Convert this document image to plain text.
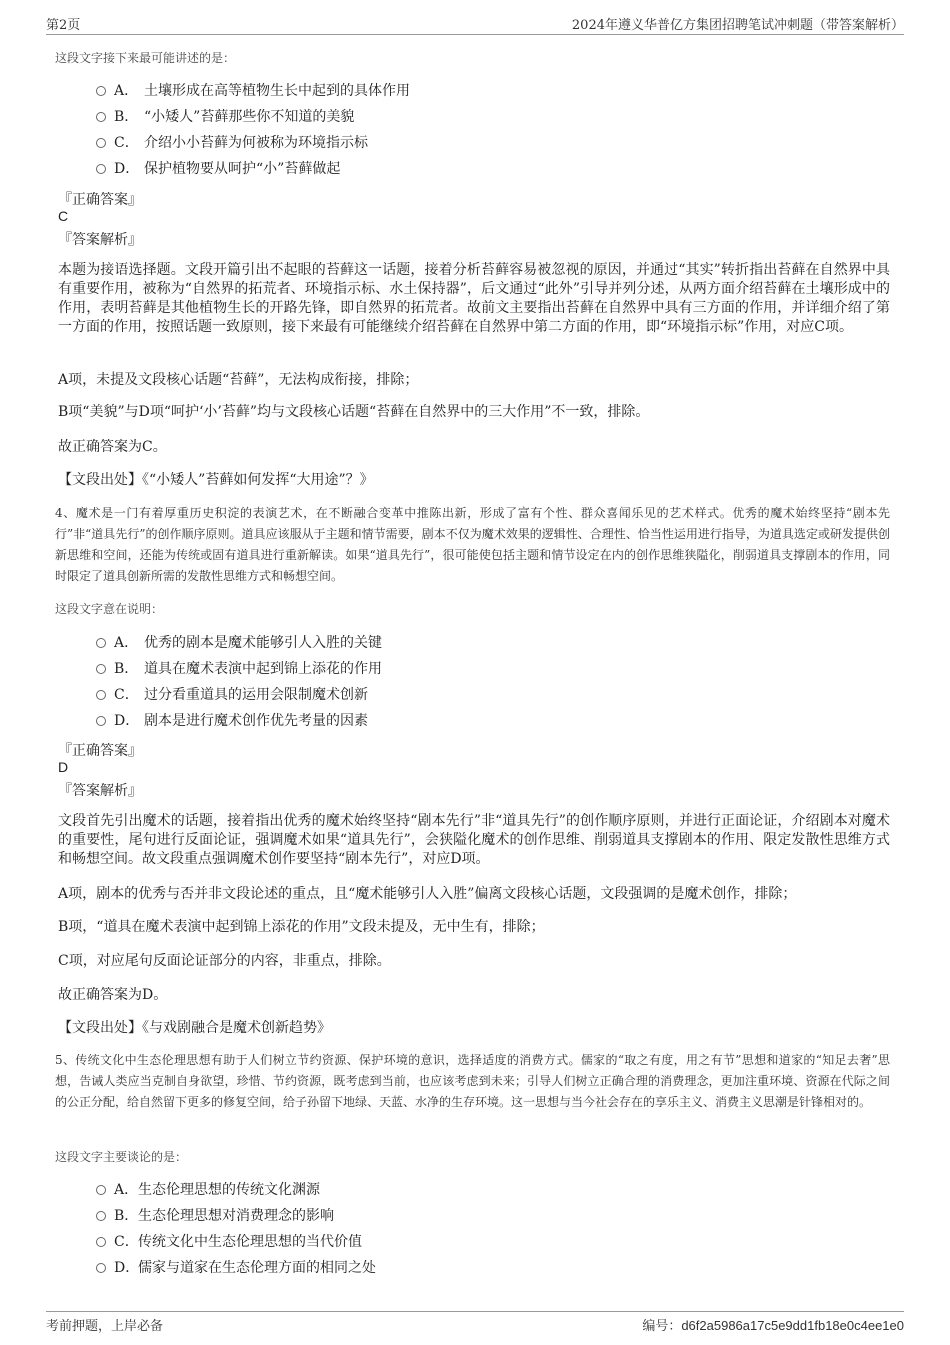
第2页	2024年遵义华普亿方集团招聘笔试冲刺题（带答案解析）
这段文字接下来最可能讲述的是：
A． 土壤形成在高等植物生长中起到的具体作用
B． “小矮人”苔藓那些你不知道的美貌
C． 介绍小小苔藓为何被称为环境指示标
D． 保护植物要从呵护“小”苔藓做起
『正确答案』
C
『答案解析』
本题为接语选择题。文段开篇引出不起眼的苔藓这一话题，接着分析苔藓容易被忽视的原因，并通过“其实”转折指出苔藓在自然界中具有重要作用，被称为“自然界的拓荒者、环境指示标、水土保持器”，后文通过“此外”引导并列分述，从两方面介绍苔藓在土壤形成中的作用，表明苔藓是其他植物生长的开路先锋，即自然界的拓荒者。故前文主要指出苔藓在自然界中具有三方面的作用，并详细介绍了第一方面的作用，按照话题一致原则，接下来最有可能继续介绍苔藓在自然界中第二方面的作用，即“环境指示标”作用，对应C项。
A项，未提及文段核心话题“苔藓”，无法构成衔接，排除；
B项“美貌”与D项“呵护‘小’苔藓”均与文段核心话题“苔藓在自然界中的三大作用”不一致，排除。
故正确答案为C。
【文段出处】《“小矮人”苔藓如何发挥“大用途”？》
4、魔术是一门有着厚重历史积淀的表演艺术，在不断融合变革中推陈出新，形成了富有个性、群众喜闻乐见的艺术样式。优秀的魔术始终坚持“剧本先行”非“道具先行”的创作顺序原则。道具应该服从于主题和情节需要，剧本不仅为魔术效果的逻辑性、合理性、恰当性运用进行指导，为道具选定或研发提供创新思维和空间，还能为传统或固有道具进行重新解读。如果“道具先行”，很可能使包括主题和情节设定在内的创作思维狭隘化，削弱道具支撑剧本的作用，同时限定了道具创新所需的发散性思维方式和畅想空间。
这段文字意在说明：
A． 优秀的剧本是魔术能够引人入胜的关键
B． 道具在魔术表演中起到锦上添花的作用
C． 过分看重道具的运用会限制魔术创新
D． 剧本是进行魔术创作优先考量的因素
『正确答案』
D
『答案解析』
文段首先引出魔术的话题，接着指出优秀的魔术始终坚持“剧本先行”非“道具先行”的创作顺序原则，并进行正面论证，介绍剧本对魔术的重要性，尾句进行反面论证，强调魔术如果“道具先行”，会狭隘化魔术的创作思维、削弱道具支撑剧本的作用、限定发散性思维方式和畅想空间。故文段重点强调魔术创作要坚持“剧本先行”，对应D项。
A项，剧本的优秀与否并非文段论述的重点，且“魔术能够引人入胜”偏离文段核心话题，文段强调的是魔术创作，排除；
B项，“道具在魔术表演中起到锦上添花的作用”文段未提及，无中生有，排除；
C项，对应尾句反面论证部分的内容，非重点，排除。
故正确答案为D。
【文段出处】《与戏剧融合是魔术创新趋势》
5、传统文化中生态伦理思想有助于人们树立节约资源、保护环境的意识，选择适度的消费方式。儒家的“取之有度，用之有节”思想和道家的“知足去奢”思想，告诫人类应当克制自身欲望，珍惜、节约资源，既考虑到当前，也应该考虑到未来；引导人们树立正确合理的消费理念，更加注重环境、资源在代际之间的公正分配，给自然留下更多的修复空间，给子孙留下地绿、天蓝、水净的生存环境。这一思想与当今社会存在的享乐主义、消费主义思潮是针锋相对的。
这段文字主要谈论的是：
A．生态伦理思想的传统文化渊源
B．生态伦理思想对消费理念的影响
C．传统文化中生态伦理思想的当代价值
D．儒家与道家在生态伦理方面的相同之处
考前押题，上岸必备	编号：d6f2a5986a17c5e9dd1fb18e0c4ee1e0
